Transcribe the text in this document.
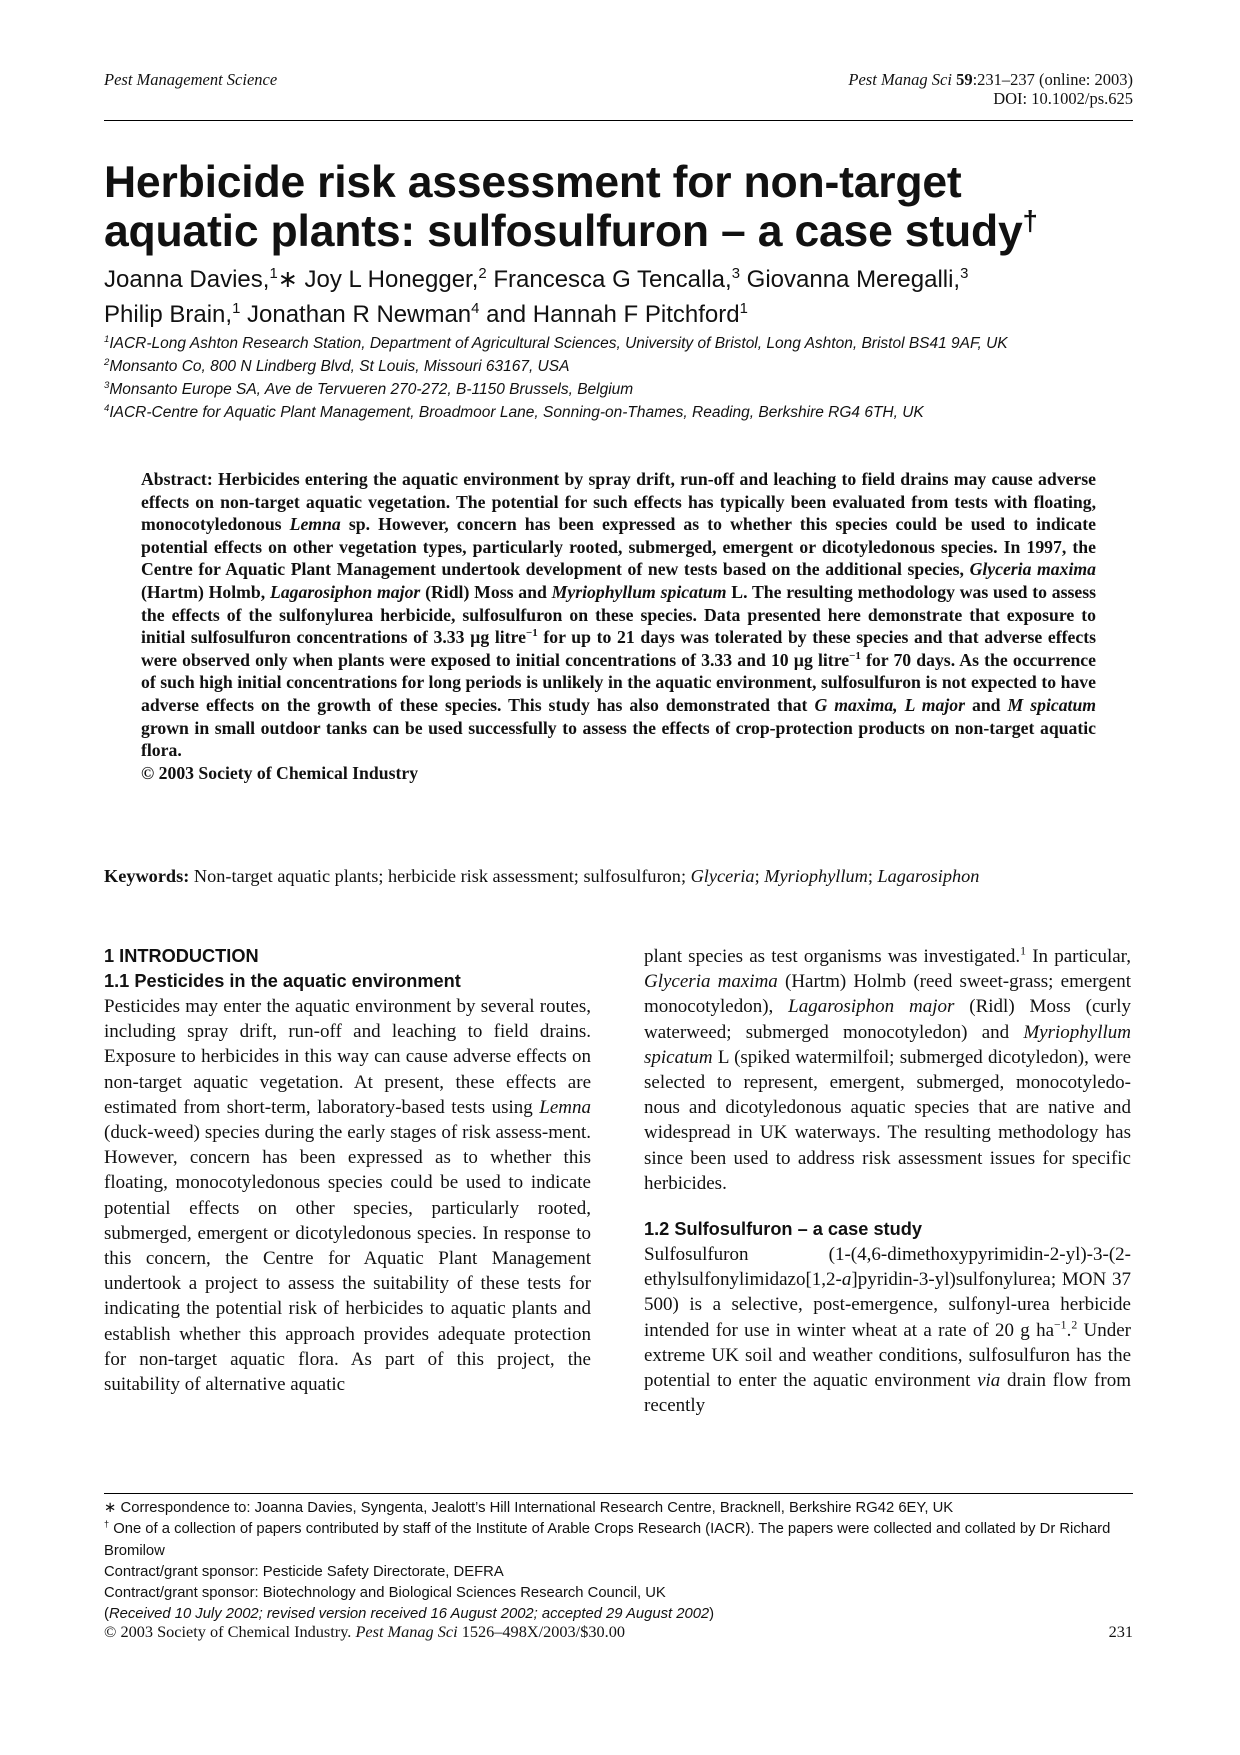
Pest Management Science	Pest Manag Sci 59:231–237 (online: 2003)
DOI: 10.1002/ps.625
Herbicide risk assessment for non-target
aquatic plants: sulfosulfuron – a case study†
Joanna Davies,$^1$∗ Joy L Honegger,$^2$ Francesca G Tencalla,$^3$ Giovanna Meregalli,$^3$
Philip Brain,$^1$ Jonathan R Newman$^4$ and Hannah F Pitchford$^1$
$^1$IACR-Long Ashton Research Station, Department of Agricultural Sciences, University of Bristol, Long Ashton, Bristol BS41 9AF, UK
$^2$Monsanto Co, 800 N Lindberg Blvd, St Louis, Missouri 63167, USA
$^3$Monsanto Europe SA, Ave de Tervueren 270-272, B-1150 Brussels, Belgium
$^4$IACR-Centre for Aquatic Plant Management, Broadmoor Lane, Sonning-on-Thames, Reading, Berkshire RG4 6TH, UK

Abstract: Herbicides entering the aquatic environment by spray drift, run-off and leaching to field drains may cause adverse effects on non-target aquatic vegetation. The potential for such effects has typically been evaluated from tests with floating, monocotyledonous Lemna sp. However, concern has been expressed as to whether this species could be used to indicate potential effects on other vegetation types, particularly rooted, submerged, emergent or dicotyledonous species. In 1997, the Centre for Aquatic Plant Management undertook development of new tests based on the additional species, Glyceria maxima (Hartm) Holmb, Lagarosiphon major (Ridl) Moss and Myriophyllum spicatum L. The resulting methodology was used to assess the effects of the sulfonylurea herbicide, sulfosulfuron on these species. Data presented here demonstrate that exposure to initial sulfosulfuron concentrations of 3.33 µg litre$^{-1}$ for up to 21 days was tolerated by these species and that adverse effects were observed only when plants were exposed to initial concentrations of 3.33 and 10 µg litre$^{-1}$ for 70 days. As the occurrence of such high initial concentrations for long periods is unlikely in the aquatic environment, sulfosulfuron is not expected to have adverse effects on the growth of these species. This study has also demonstrated that G maxima, L major and M spicatum grown in small outdoor tanks can be used successfully to assess the effects of crop-protection products on non-target aquatic flora.
© 2003 Society of Chemical Industry

Keywords: Non-target aquatic plants; herbicide risk assessment; sulfosulfuron; Glyceria; Myriophyllum; Lagarosiphon

1 INTRODUCTION
1.1 Pesticides in the aquatic environment

Pesticides may enter the aquatic environment by several routes, including spray drift, run-off and leaching to field drains. Exposure to herbicides in this way can cause adverse effects on non-target aquatic vegetation. At present, these effects are estimated from short-term, laboratory-based tests using Lemna (duck-weed) species during the early stages of risk assess-ment. However, concern has been expressed as to whether this floating, monocotyledonous species could be used to indicate potential effects on other species, particularly rooted, submerged, emergent or dicotyledonous species. In response to this concern, the Centre for Aquatic Plant Management undertook a project to assess the suitability of these tests for indicating the potential risk of herbicides to aquatic plants and establish whether this approach provides adequate protection for non-target aquatic flora. As part of this project, the suitability of alternative aquatic

plant species as test organisms was investigated.$^1$ In particular, Glyceria maxima (Hartm) Holmb (reed sweet-grass; emergent monocotyledon), Lagarosiphon major (Ridl) Moss (curly waterweed; submerged monocotyledon) and Myriophyllum spicatum L (spiked watermilfoil; submerged dicotyledon), were selected to represent, emergent, submerged, monocotyledo-nous and dicotyledonous aquatic species that are native and widespread in UK waterways. The resulting methodology has since been used to address risk assessment issues for specific herbicides.

1.2 Sulfosulfuron – a case study

Sulfosulfuron (1-(4,6-dimethoxypyrimidin-2-yl)-3-(2-ethylsulfonylimidazo[1,2-a]pyridin-3-yl)sulfonylurea; MON 37 500) is a selective, post-emergence, sulfonyl-urea herbicide intended for use in winter wheat at a rate of 20 g $ha^{-1}.^2$ Under extreme UK soil and weather conditions, sulfosulfuron has the potential to enter the aquatic environment via drain flow from recently

∗ Correspondence to: Joanna Davies, Syngenta, Jealott’s Hill International Research Centre, Bracknell, Berkshire RG42 6EY, UK

† One of a collection of papers contributed by staff of the Institute of Arable Crops Research (IACR). The papers were collected and collated by Dr Richard Bromilow

Contract/grant sponsor: Pesticide Safety Directorate, DEFRA

Contract/grant sponsor: Biotechnology and Biological Sciences Research Council, UK

(Received 10 July 2002; revised version received 16 August 2002; accepted 29 August 2002)

© 2003 Society of Chemical Industry. Pest Manag Sci 1526–498X/2003/$30.00	231
